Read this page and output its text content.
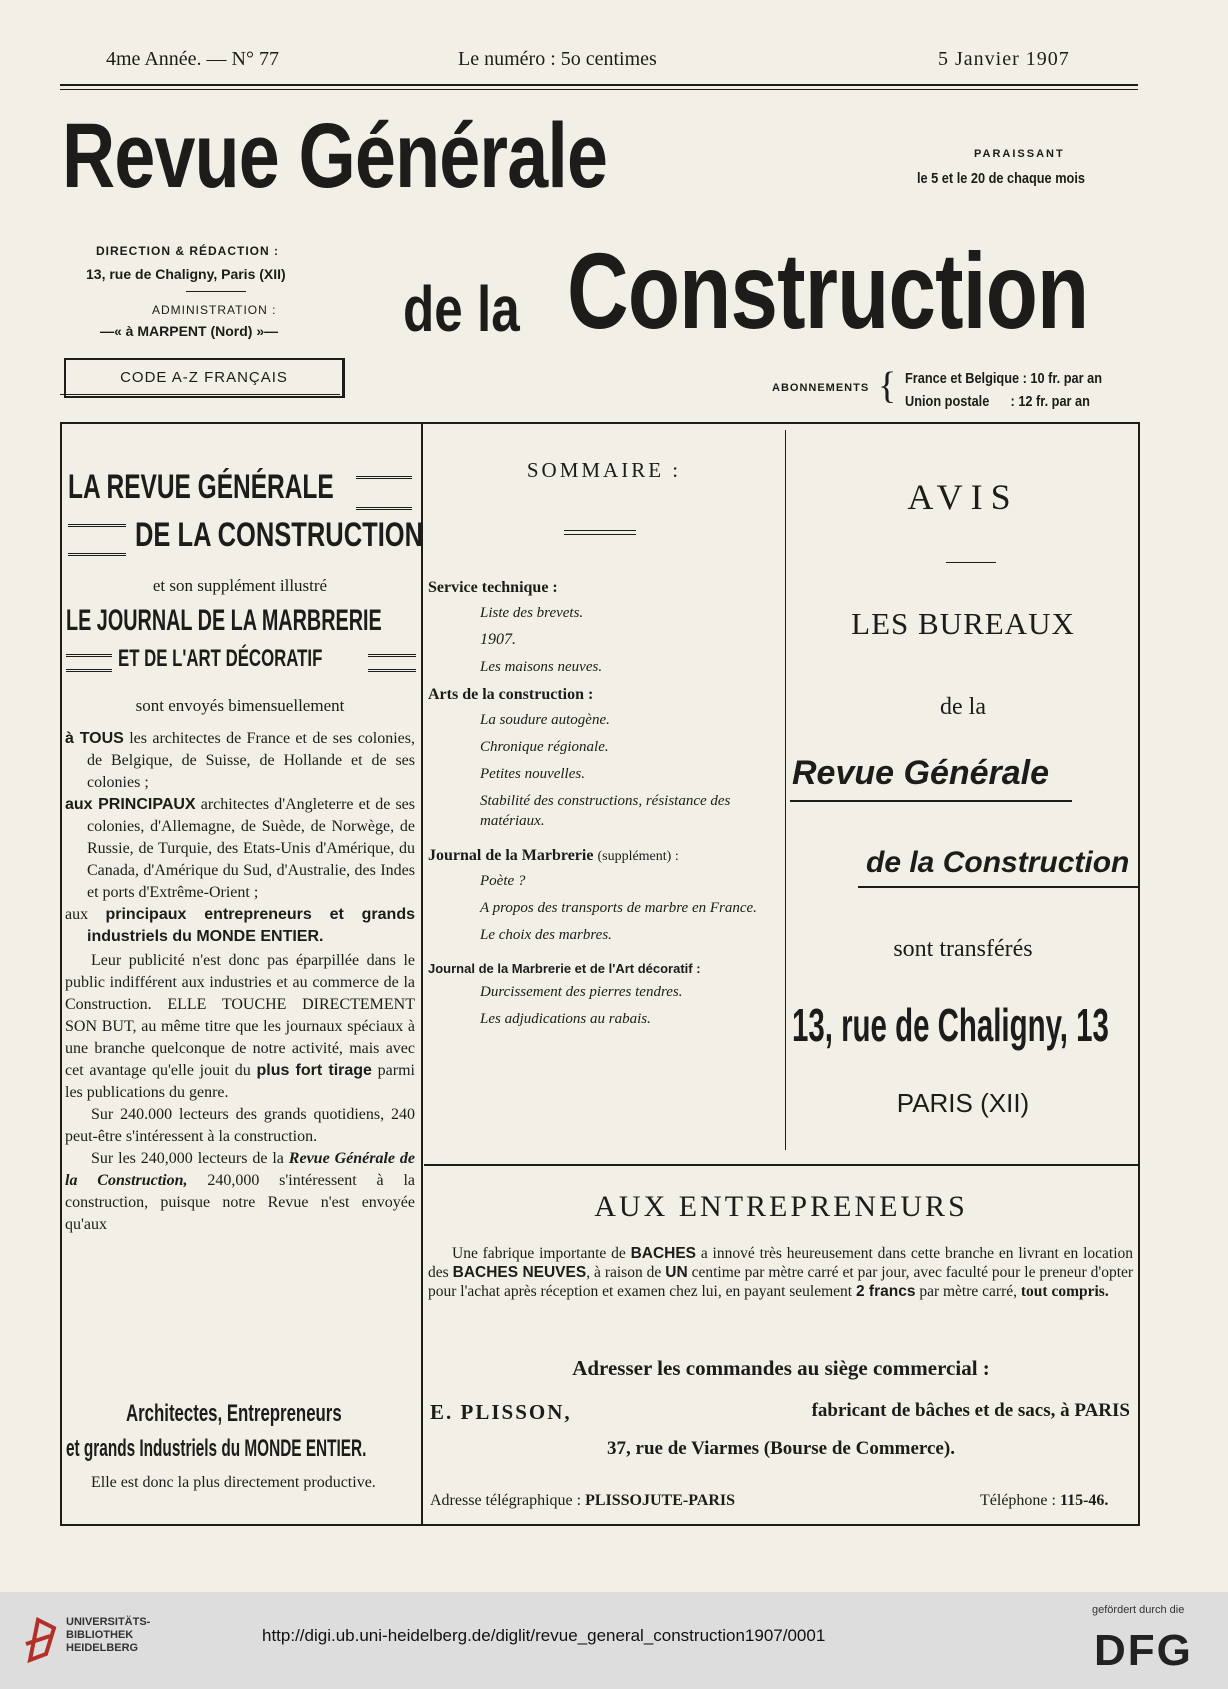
4me Année. — N° 77	Le numéro : 5o centimes	5 Janvier 1907
Revue Générale	PARAISSANT
le 5 et le 20 de chaque mois
DIRECTION & RÉDACTION :
13, rue de Chaligny, Paris (XII)
ADMINISTRATION :
—« à MARPENT (Nord) »— de la Construction
CODE A-Z FRANÇAIS
ABONNEMENTS { France et Belgique : 10 fr. par an
Union postale      : 12 fr. par an
LA REVUE GÉNÉRALE
DE LA CONSTRUCTION
et son supplément illustré
LE JOURNAL DE LA MARBRERIE
ET DE L'ART DÉCORATIF
sont envoyés bimensuellement

à TOUS les architectes de France et de ses colonies, de Belgique, de Suisse, de Hollande et de ses colonies ;

aux PRINCIPAUX architectes d'Angleterre et de ses colonies, d'Allemagne, de Suède, de Norwège, de Russie, de Turquie, des Etats-Unis d'Amérique, du Canada, d'Amérique du Sud, d'Australie, des Indes et ports d'Extrême-Orient ;

aux principaux entrepreneurs et grands industriels du MONDE ENTIER.

Leur publicité n'est donc pas éparpillée dans le public indifférent aux industries et au commerce de la Construction. ELLE TOUCHE DIRECTEMENT SON BUT, au même titre que les journaux spéciaux à une branche quelconque de notre activité, mais avec cet avantage qu'elle jouit du plus fort tirage parmi les publications du genre.

Sur 240.000 lecteurs des grands quotidiens, 240 peut-être s'intéressent à la construction.

Sur les 240,000 lecteurs de la Revue Générale de la Construction, 240,000 s'intéressent à la construction, puisque notre Revue n'est envoyée qu'aux

Architectes, Entrepreneurs
et grands Industriels du MONDE ENTIER.
Elle est donc la plus directement productive.
SOMMAIRE :
Service technique :
Liste des brevets.
1907.
Les maisons neuves.
Arts de la construction :
La soudure autogène.
Chronique régionale.
Petites nouvelles.
Stabilité des constructions, résistance des matériaux.
Journal de la Marbrerie (supplément) :
Poète ?
A propos des transports de marbre en France.
Le choix des marbres.
Journal de la Marbrerie et de l'Art décoratif :
Durcissement des pierres tendres.
Les adjudications au rabais.
AVIS
LES BUREAUX
de la
Revue Générale
de la Construction
sont transférés
13, rue de Chaligny, 13
PARIS (XII)
AUX ENTREPRENEURS
Une fabrique importante de BACHES a innové très heureusement dans cette branche en livrant en location des BACHES NEUVES, à raison de UN centime par mètre carré et par jour, avec faculté pour le preneur d'opter pour l'achat après réception et examen chez lui, en payant seulement 2 francs par mètre carré, tout compris.
Adresser les commandes au siège commercial :
E. PLISSON,	fabricant de bâches et de sacs, à PARIS
37, rue de Viarmes (Bourse de Commerce).
Adresse télégraphique : PLISSOJUTE-PARIS	Téléphone : 115-46.
UNIVERSITÄTS-
BIBLIOTHEK
HEIDELBERG
http://digi.ub.uni-heidelberg.de/diglit/revue_general_construction1907/0001
gefördert durch die
DFG
